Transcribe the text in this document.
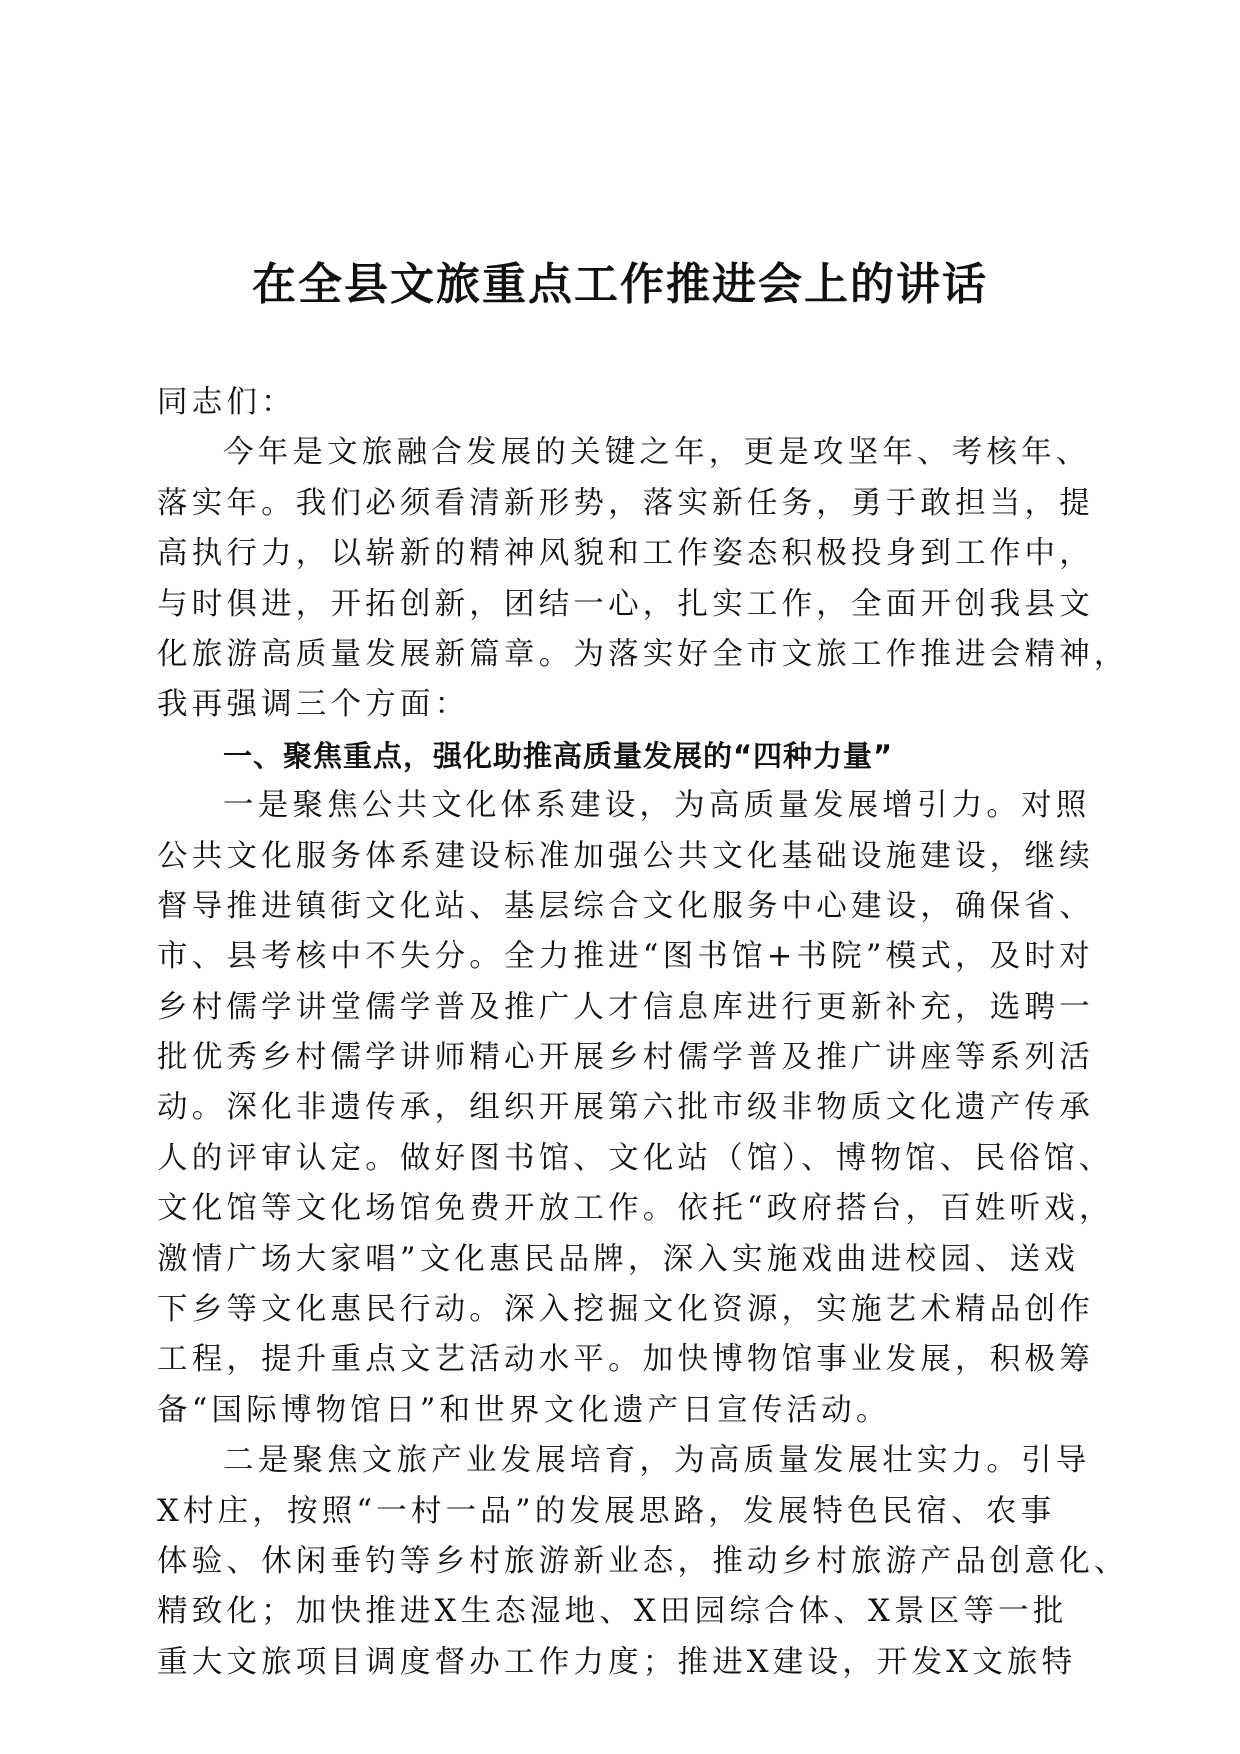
在全县文旅重点工作推进会上的讲话
同志们：
今年是文旅融合发展的关键之年，更是攻坚年、考核年、
落实年。我们必须看清新形势，落实新任务，勇于敢担当，提
高执行力，以崭新的精神风貌和工作姿态积极投身到工作中，
与时俱进，开拓创新，团结一心，扎实工作，全面开创我县文
化旅游高质量发展新篇章。为落实好全市文旅工作推进会精神，
我再强调三个方面：
一、聚焦重点，强化助推高质量发展的“四种力量”
一是聚焦公共文化体系建设，为高质量发展增引力。对照
公共文化服务体系建设标准加强公共文化基础设施建设，继续
督导推进镇街文化站、基层综合文化服务中心建设，确保省、
市、县考核中不失分。全力推进“图书馆+书院”模式，及时对
乡村儒学讲堂儒学普及推广人才信息库进行更新补充，选聘一
批优秀乡村儒学讲师精心开展乡村儒学普及推广讲座等系列活
动。深化非遗传承，组织开展第六批市级非物质文化遗产传承
人的评审认定。做好图书馆、文化站（馆）、博物馆、民俗馆、
文化馆等文化场馆免费开放工作。依托“政府搭台，百姓听戏，
激情广场大家唱”文化惠民品牌，深入实施戏曲进校园、送戏
下乡等文化惠民行动。深入挖掘文化资源，实施艺术精品创作
工程，提升重点文艺活动水平。加快博物馆事业发展，积极筹
备“国际博物馆日”和世界文化遗产日宣传活动。
二是聚焦文旅产业发展培育，为高质量发展壮实力。引导
X村庄，按照“一村一品”的发展思路，发展特色民宿、农事
体验、休闲垂钓等乡村旅游新业态，推动乡村旅游产品创意化、
精致化；加快推进X生态湿地、X田园综合体、X景区等一批
重大文旅项目调度督办工作力度；推进X建设，开发X文旅特
